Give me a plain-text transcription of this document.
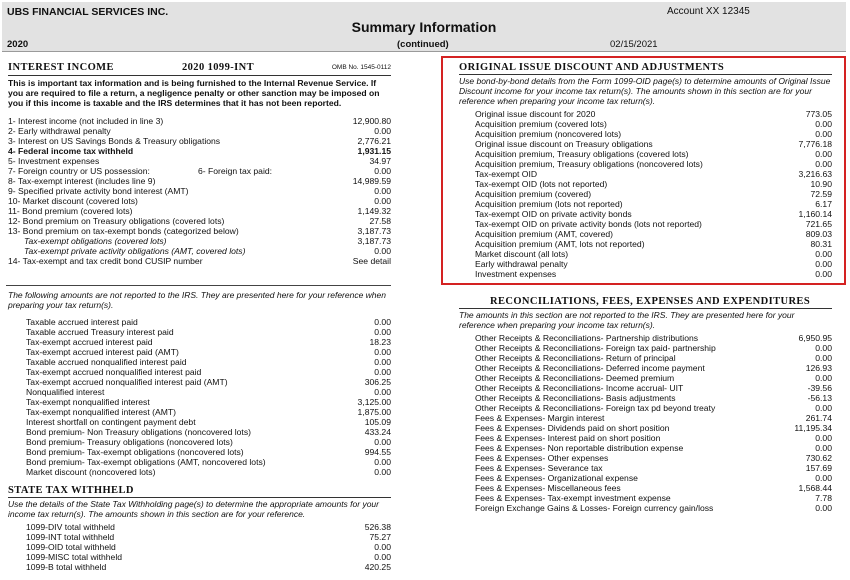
UBS FINANCIAL SERVICES INC.	Account XX 12345
Summary Information
2020	(continued)	02/15/2021
INTEREST INCOME	2020 1099-INT	OMB No. 1545-0112
This is important tax information and is being furnished to the Internal Revenue Service. If you are required to file a return, a negligence penalty or other sanction may be imposed on you if this income is taxable and the IRS determines that it has not been reported.
1- Interest income (not included in line 3)	12,900.80
2- Early withdrawal penalty	0.00
3- Interest on US Savings Bonds & Treasury obligations	2,776.21
4- Federal income tax withheld	1,931.15
5- Investment expenses	34.97
7- Foreign country or US possession:	6- Foreign tax paid:	0.00
8- Tax-exempt interest (includes line 9)	14,989.59
9- Specified private activity bond interest (AMT)	0.00
10- Market discount (covered lots)	0.00
11- Bond premium (covered lots)	1,149.32
12- Bond premium on Treasury obligations (covered lots)	27.58
13- Bond premium on tax-exempt bonds (categorized below)	3,187.73
Tax-exempt obligations (covered lots)	3,187.73
Tax-exempt private activity obligations (AMT, covered lots)	0.00
14- Tax-exempt and tax credit bond CUSIP number	See detail
The following amounts are not reported to the IRS. They are presented here for your reference when preparing your tax return(s).
Taxable accrued interest paid	0.00
Taxable accrued Treasury interest paid	0.00
Tax-exempt accrued interest paid	18.23
Tax-exempt accrued interest paid (AMT)	0.00
Taxable accrued nonqualified interest paid	0.00
Tax-exempt accrued nonqualified interest paid	0.00
Tax-exempt accrued nonqualified interest paid (AMT)	306.25
Nonqualified interest	0.00
Tax-exempt nonqualified interest	3,125.00
Tax-exempt nonqualified interest (AMT)	1,875.00
Interest shortfall on contingent payment debt	105.09
Bond premium- Non Treasury obligations (noncovered lots)	433.24
Bond premium- Treasury obligations (noncovered lots)	0.00
Bond premium- Tax-exempt obligations (noncovered lots)	994.55
Bond premium- Tax-exempt obligations (AMT, noncovered lots)	0.00
Market discount (noncovered lots)	0.00
STATE TAX WITHHELD
Use the details of the State Tax Withholding page(s) to determine the appropriate amounts for your income tax return(s). The amounts shown in this section are for your reference.
1099-DIV total withheld	526.38
1099-INT total withheld	75.27
1099-OID total withheld	0.00
1099-MISC total withheld	0.00
1099-B total withheld	420.25
ORIGINAL ISSUE DISCOUNT AND ADJUSTMENTS
Use bond-by-bond details from the Form 1099-OID page(s) to determine amounts of Original Issue Discount income for your income tax return(s). The amounts shown in this section are for your reference when preparing your income tax return(s).
Original issue discount for 2020	773.05
Acquisition premium (covered lots)	0.00
Acquisition premium (noncovered lots)	0.00
Original issue discount on Treasury obligations	7,776.18
Acquisition premium, Treasury obligations (covered lots)	0.00
Acquisition premium, Treasury obligations (noncovered lots)	0.00
Tax-exempt OID	3,216.63
Tax-exempt OID (lots not reported)	10.90
Acquisition premium (covered)	72.59
Acquisition premium (lots not reported)	6.17
Tax-exempt OID on private activity bonds	1,160.14
Tax-exempt OID on private activity bonds (lots not reported)	721.65
Acquisition premium (AMT, covered)	809.03
Acquisition premium (AMT, lots not reported)	80.31
Market discount (all lots)	0.00
Early withdrawal penalty	0.00
Investment expenses	0.00
RECONCILIATIONS, FEES, EXPENSES AND EXPENDITURES
The amounts in this section are not reported to the IRS. They are presented here for your reference when preparing your income tax return(s).
Other Receipts & Reconciliations- Partnership distributions	6,950.95
Other Receipts & Reconciliations- Foreign tax paid- partnership	0.00
Other Receipts & Reconciliations- Return of principal	0.00
Other Receipts & Reconciliations- Deferred income payment	126.93
Other Receipts & Reconciliations- Deemed premium	0.00
Other Receipts & Reconciliations- Income accrual- UIT	-39.56
Other Receipts & Reconciliations- Basis adjustments	-56.13
Other Receipts & Reconciliations- Foreign tax pd beyond treaty	0.00
Fees & Expenses- Margin interest	261.74
Fees & Expenses- Dividends paid on short position	11,195.34
Fees & Expenses- Interest paid on short position	0.00
Fees & Expenses- Non reportable distribution expense	0.00
Fees & Expenses- Other expenses	730.62
Fees & Expenses- Severance tax	157.69
Fees & Expenses- Organizational expense	0.00
Fees & Expenses- Miscellaneous fees	1,568.44
Fees & Expenses- Tax-exempt investment expense	7.78
Foreign Exchange Gains & Losses- Foreign currency gain/loss	0.00
